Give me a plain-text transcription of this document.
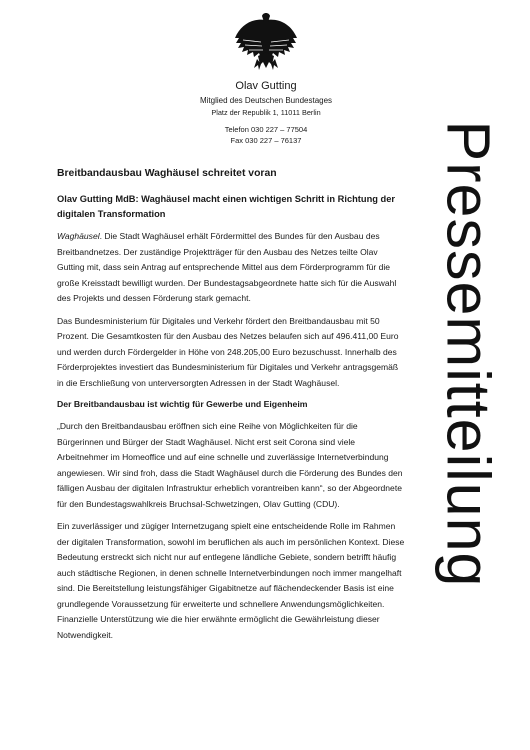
Olav Gutting
Mitglied des Deutschen Bundestages
Platz der Republik 1, 11011 Berlin
Telefon 030 227 – 77504
Fax 030 227 – 76137	Pressemitteilung

Breitbandausbau Waghäusel schreitet voran

Olav Gutting MdB: Waghäusel macht einen wichtigen Schritt in Richtung der digitalen Transformation

Waghäusel. Die Stadt Waghäusel erhält Fördermittel des Bundes für den Ausbau des Breitbandnetzes. Der zuständige Projektträger für den Ausbau des Netzes teilte Olav Gutting mit, dass sein Antrag auf entsprechende Mittel aus dem Förderprogramm für die große Kreisstadt bewilligt wurden. Der Bundestagsabgeordnete hatte sich für die Auswahl des Projekts und dessen Förderung stark gemacht.

Das Bundesministerium für Digitales und Verkehr fördert den Breitbandausbau mit 50 Prozent. Die Gesamtkosten für den Ausbau des Netzes belaufen sich auf 496.411,00 Euro und werden durch Fördergelder in Höhe von 248.205,00 Euro bezuschusst. Innerhalb des Förderprojektes investiert das Bundesministerium für Digitales und Verkehr antragsgemäß in die Erschließung von unterversorgten Adressen in der Stadt Waghäusel.

Der Breitbandausbau ist wichtig für Gewerbe und Eigenheim

„Durch den Breitbandausbau eröffnen sich eine Reihe von Möglichkeiten für die Bürgerinnen und Bürger der Stadt Waghäusel. Nicht erst seit Corona sind viele Arbeitnehmer im Homeoffice und auf eine schnelle und zuverlässige Internetverbindung angewiesen. Wir sind froh, dass die Stadt Waghäusel durch die Förderung des Bundes den fälligen Ausbau der digitalen Infrastruktur erheblich vorantreiben kann“, so der Abgeordnete für den Bundestagswahlkreis Bruchsal-Schwetzingen, Olav Gutting (CDU).

Ein zuverlässiger und zügiger Internetzugang spielt eine entscheidende Rolle im Rahmen der digitalen Transformation, sowohl im beruflichen als auch im persönlichen Kontext. Diese Bedeutung erstreckt sich nicht nur auf entlegene ländliche Gebiete, sondern betrifft häufig auch städtische Regionen, in denen schnelle Internetverbindungen noch immer mangelhaft sind. Die Bereitstellung leistungsfähiger Gigabitnetze auf flächendeckender Basis ist eine grundlegende Voraussetzung für erweiterte und schnellere Anwendungsmöglichkeiten. Finanzielle Unterstützung wie die hier erwähnte ermöglicht die Gewährleistung dieser Notwendigkeit.
